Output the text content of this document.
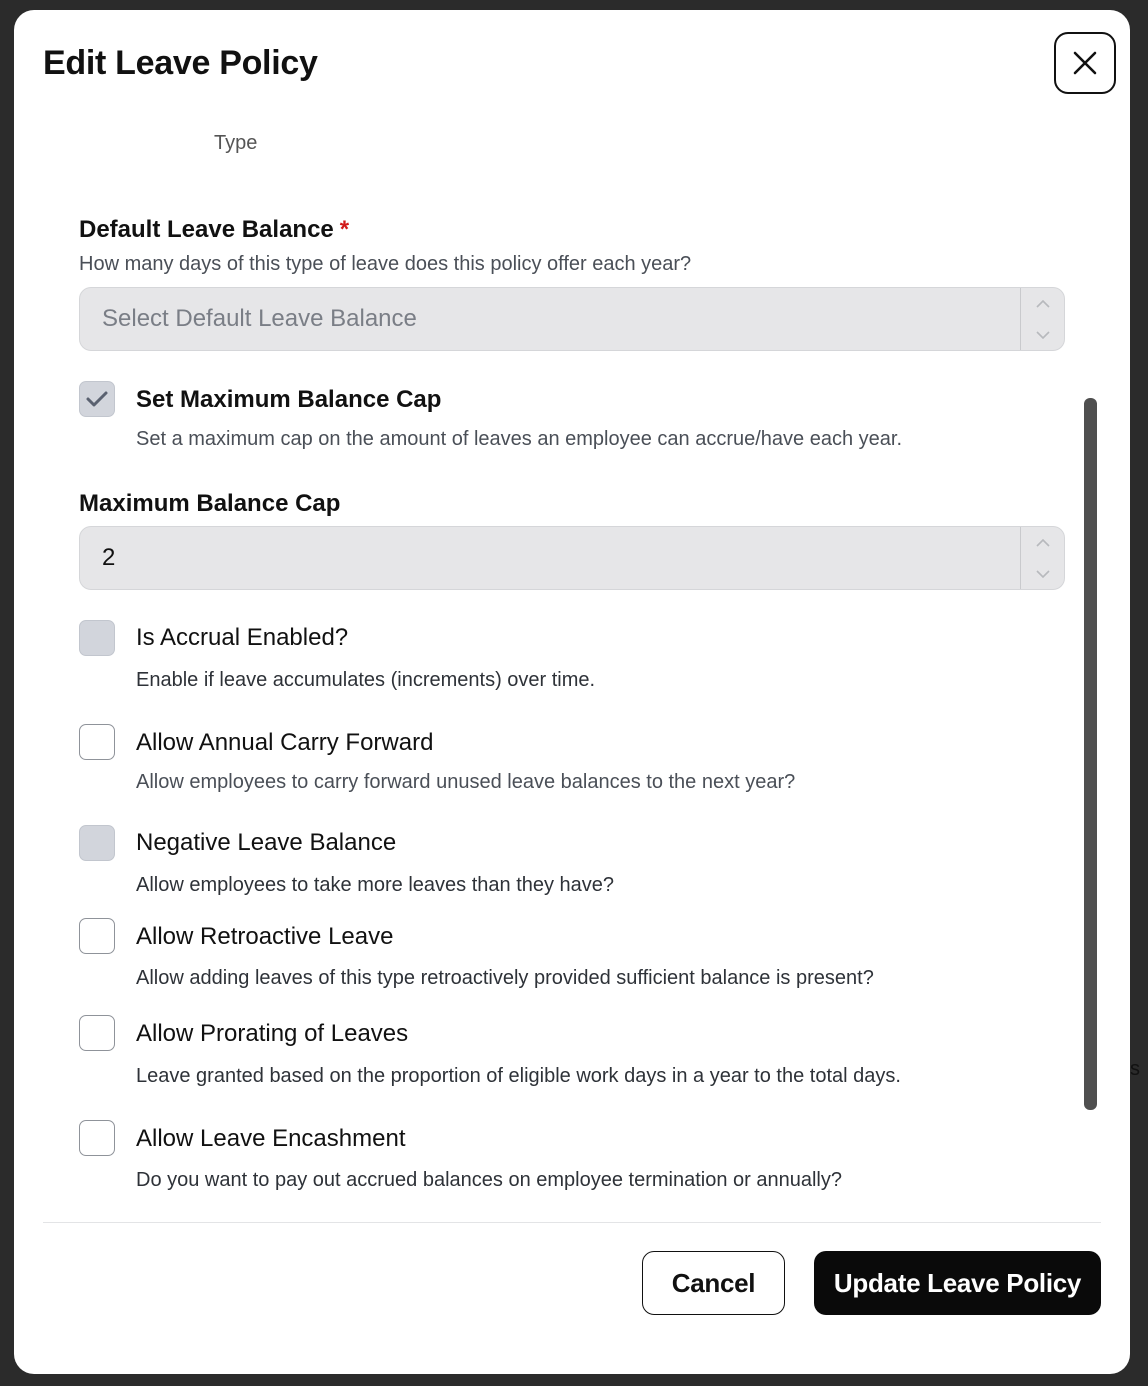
s
Edit Leave Policy
Type
Default Leave Balance *
How many days of this type of leave does this policy offer each year?
Select Default Leave Balance
Set Maximum Balance Cap
Set a maximum cap on the amount of leaves an employee can accrue/have each year.
Maximum Balance Cap
2
Is Accrual Enabled?
Enable if leave accumulates (increments) over time.
Allow Annual Carry Forward
Allow employees to carry forward unused leave balances to the next year?
Negative Leave Balance
Allow employees to take more leaves than they have?
Allow Retroactive Leave
Allow adding leaves of this type retroactively provided sufficient balance is present?
Allow Prorating of Leaves
Leave granted based on the proportion of eligible work days in a year to the total days.
Allow Leave Encashment
Do you want to pay out accrued balances on employee termination or annually?
Cancel	Update Leave Policy
